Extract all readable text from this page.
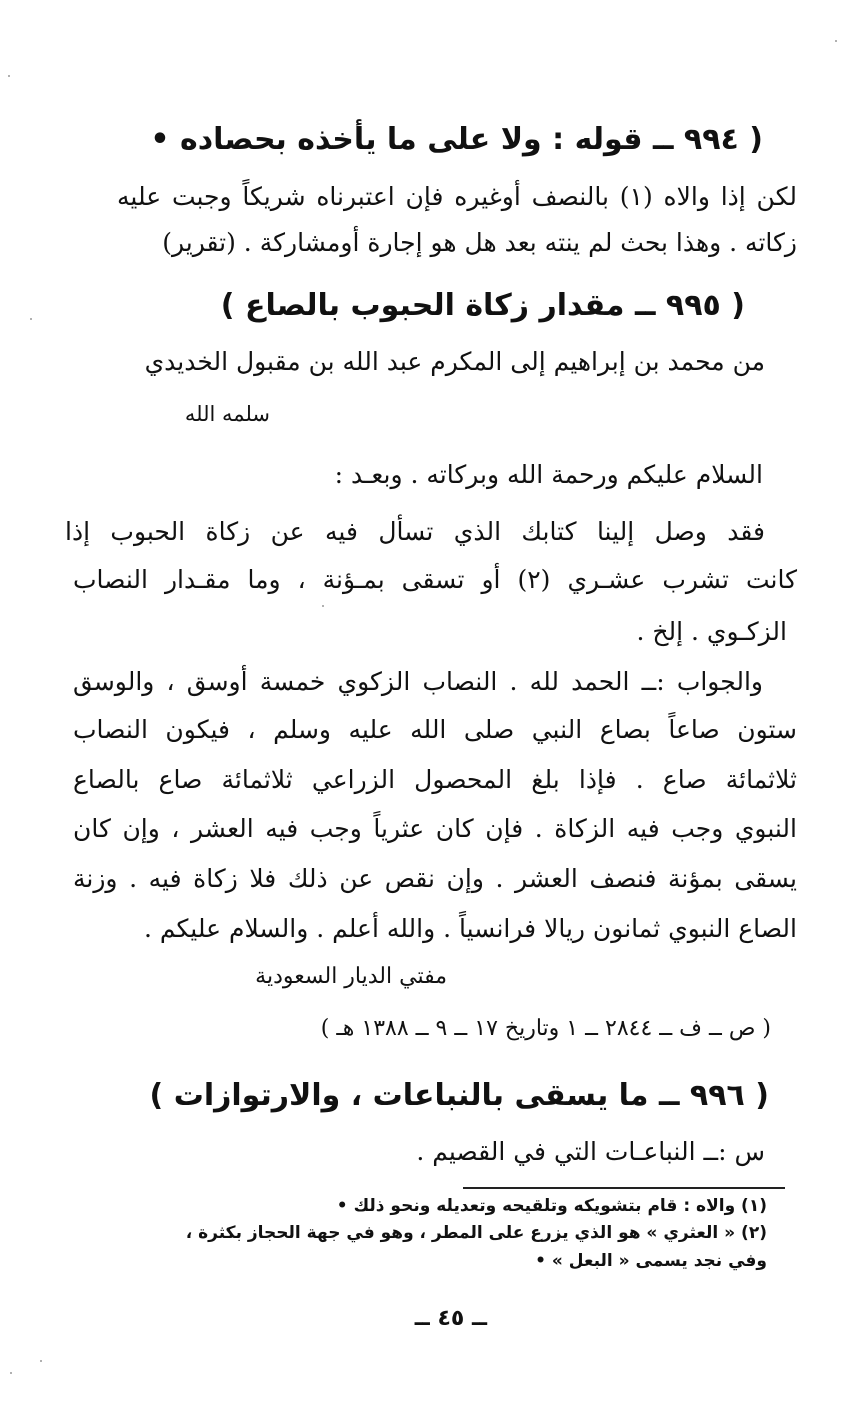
( ٩٩٤ ــ قوله : ولا على ما يأخذه بحصاده •
لكن إذا والاه (١) بالنصف أوغيره فإن اعتبرناه شريكاً وجبت عليه
زكاته . وهذا بحث لم ينته بعد هل هو إجارة أومشاركة . (تقرير)
( ٩٩٥ ــ مقدار زكاة الحبوب بالصاع )
من محمد بن إبراهيم إلى المكرم عبد الله بن مقبول الخديدي
سلمه الله
السلام عليكم ورحمة الله وبركاته . وبعـد :
فقد وصل إلينا كتابك الذي تسأل فيه عن زكاة الحبوب إذا
كانت تشرب عشـري (٢) أو تسقى بمـؤنة ، وما مقـدار النصاب
الزكـوي . إلخ .
والجواب :ــ الحمد لله . النصاب الزكوي خمسة أوسق ، والوسق
ستون صاعاً بصاع النبي صلى الله عليه وسلم ، فيكون النصاب
ثلاثمائة صاع . فإذا بلغ المحصول الزراعي ثلاثمائة صاع بالصاع
النبوي وجب فيه الزكاة . فإن كان عثرياً وجب فيه العشر ، وإن كان
يسقى بمؤنة فنصف العشر . وإن نقص عن ذلك فلا زكاة فيه . وزنة
الصاع النبوي ثمانون ريالا فرانسياً . والله أعلم . والسلام عليكم .
مفتي الديار السعودية
( ص ــ ف ــ ٢٨٤٤ ــ ١ وتاريخ ١٧ ــ ٩ ــ ١٣٨٨ هـ )
( ٩٩٦ ــ ما يسقى بالنباعات ، والارتوازات )
س :ــ النباعـات التي في القصيم .
(١) والاه : قام بتشويكه وتلقيحه وتعديله ونحو ذلك •
(٢) « العثري » هو الذي يزرع على المطر ، وهو في جهة الحجاز بكثرة ،
وفي نجد يسمى « البعل » •
ــ ٤٥ ــ
